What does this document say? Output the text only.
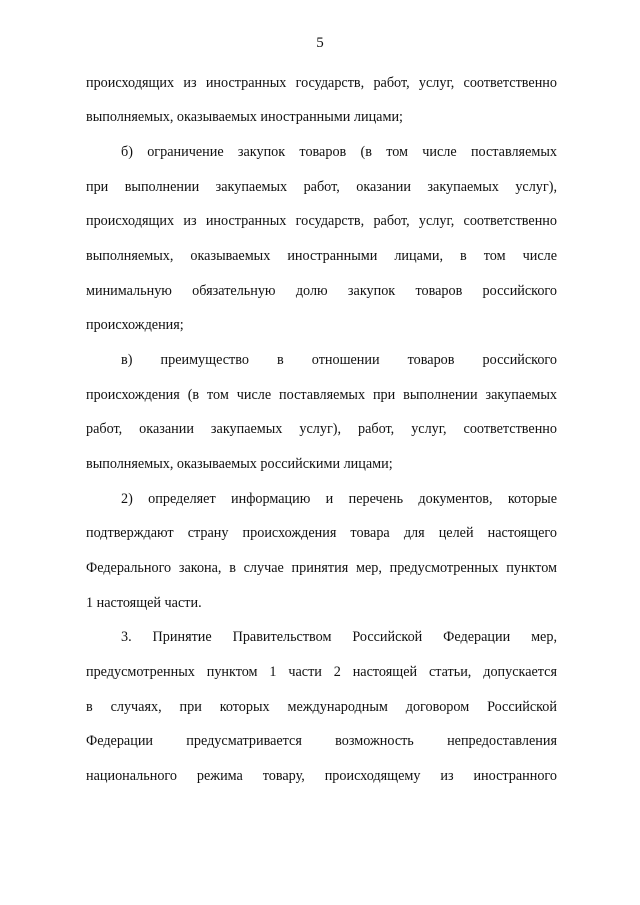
5
происходящих из иностранных государств, работ, услуг, соответственно
выполняемых, оказываемых иностранными лицами;
б) ограничение закупок товаров (в том числе поставляемых
при выполнении закупаемых работ, оказании закупаемых услуг),
происходящих из иностранных государств, работ, услуг, соответственно
выполняемых, оказываемых иностранными лицами, в том числе
минимальную обязательную долю закупок товаров российского
происхождения;
в) преимущество в отношении товаров российского
происхождения (в том числе поставляемых при выполнении закупаемых
работ, оказании закупаемых услуг), работ, услуг, соответственно
выполняемых, оказываемых российскими лицами;
2) определяет информацию и перечень документов, которые
подтверждают страну происхождения товара для целей настоящего
Федерального закона, в случае принятия мер, предусмотренных пунктом
1 настоящей части.
3. Принятие Правительством Российской Федерации мер,
предусмотренных пунктом 1 части 2 настоящей статьи, допускается
в случаях, при которых международным договором Российской
Федерации предусматривается возможность непредоставления
национального режима товару, происходящему из иностранного
